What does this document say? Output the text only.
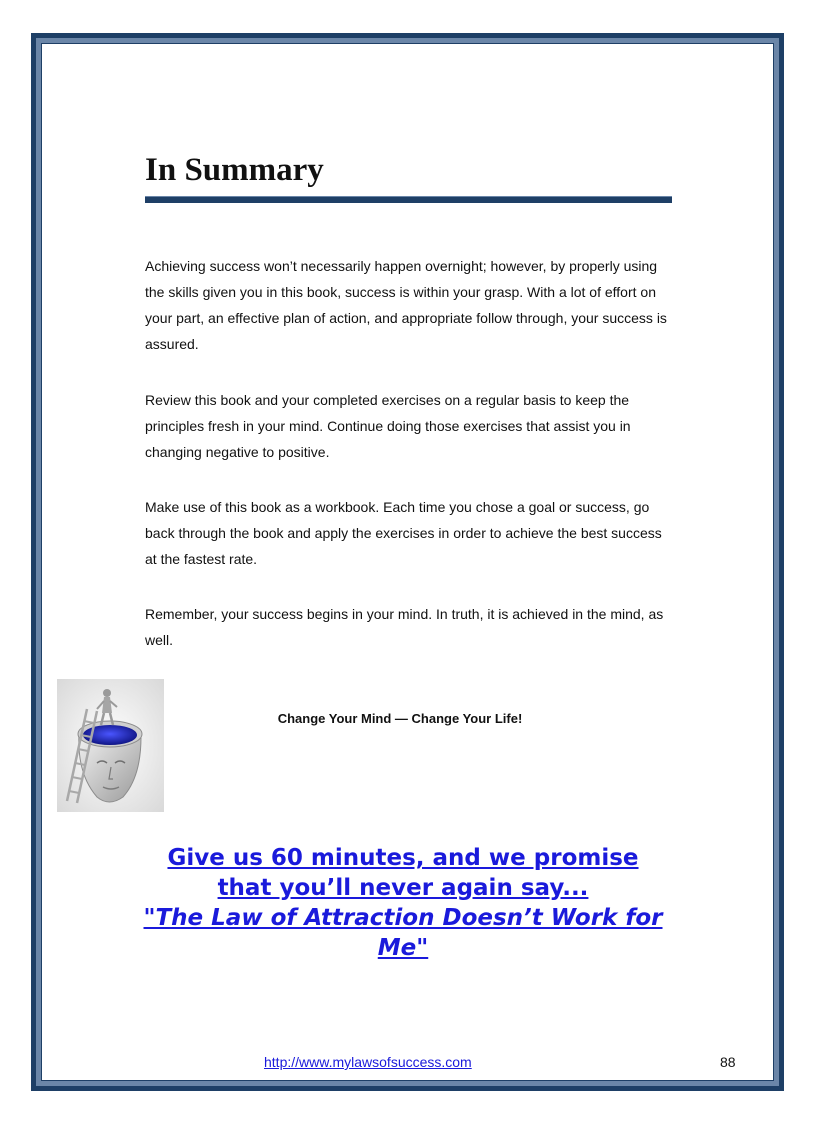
In Summary

Achieving success won’t necessarily happen overnight; however, by properly using the skills given you in this book, success is within your grasp. With a lot of effort on your part, an effective plan of action, and appropriate follow through, your success is assured.

Review this book and your completed exercises on a regular basis to keep the principles fresh in your mind. Continue doing those exercises that assist you in changing negative to positive.

Make use of this book as a workbook. Each time you chose a goal or success, go back through the book and apply the exercises in order to achieve the best success at the fastest rate.

Remember, your success begins in your mind. In truth, it is achieved in the mind, as well.

Change Your Mind — Change Your Life!

Give us 60 minutes, and we promise
that you’ll never again say...
"The Law of Attraction Doesn’t Work for
Me"
http://www.mylawsofsuccess.com	88
